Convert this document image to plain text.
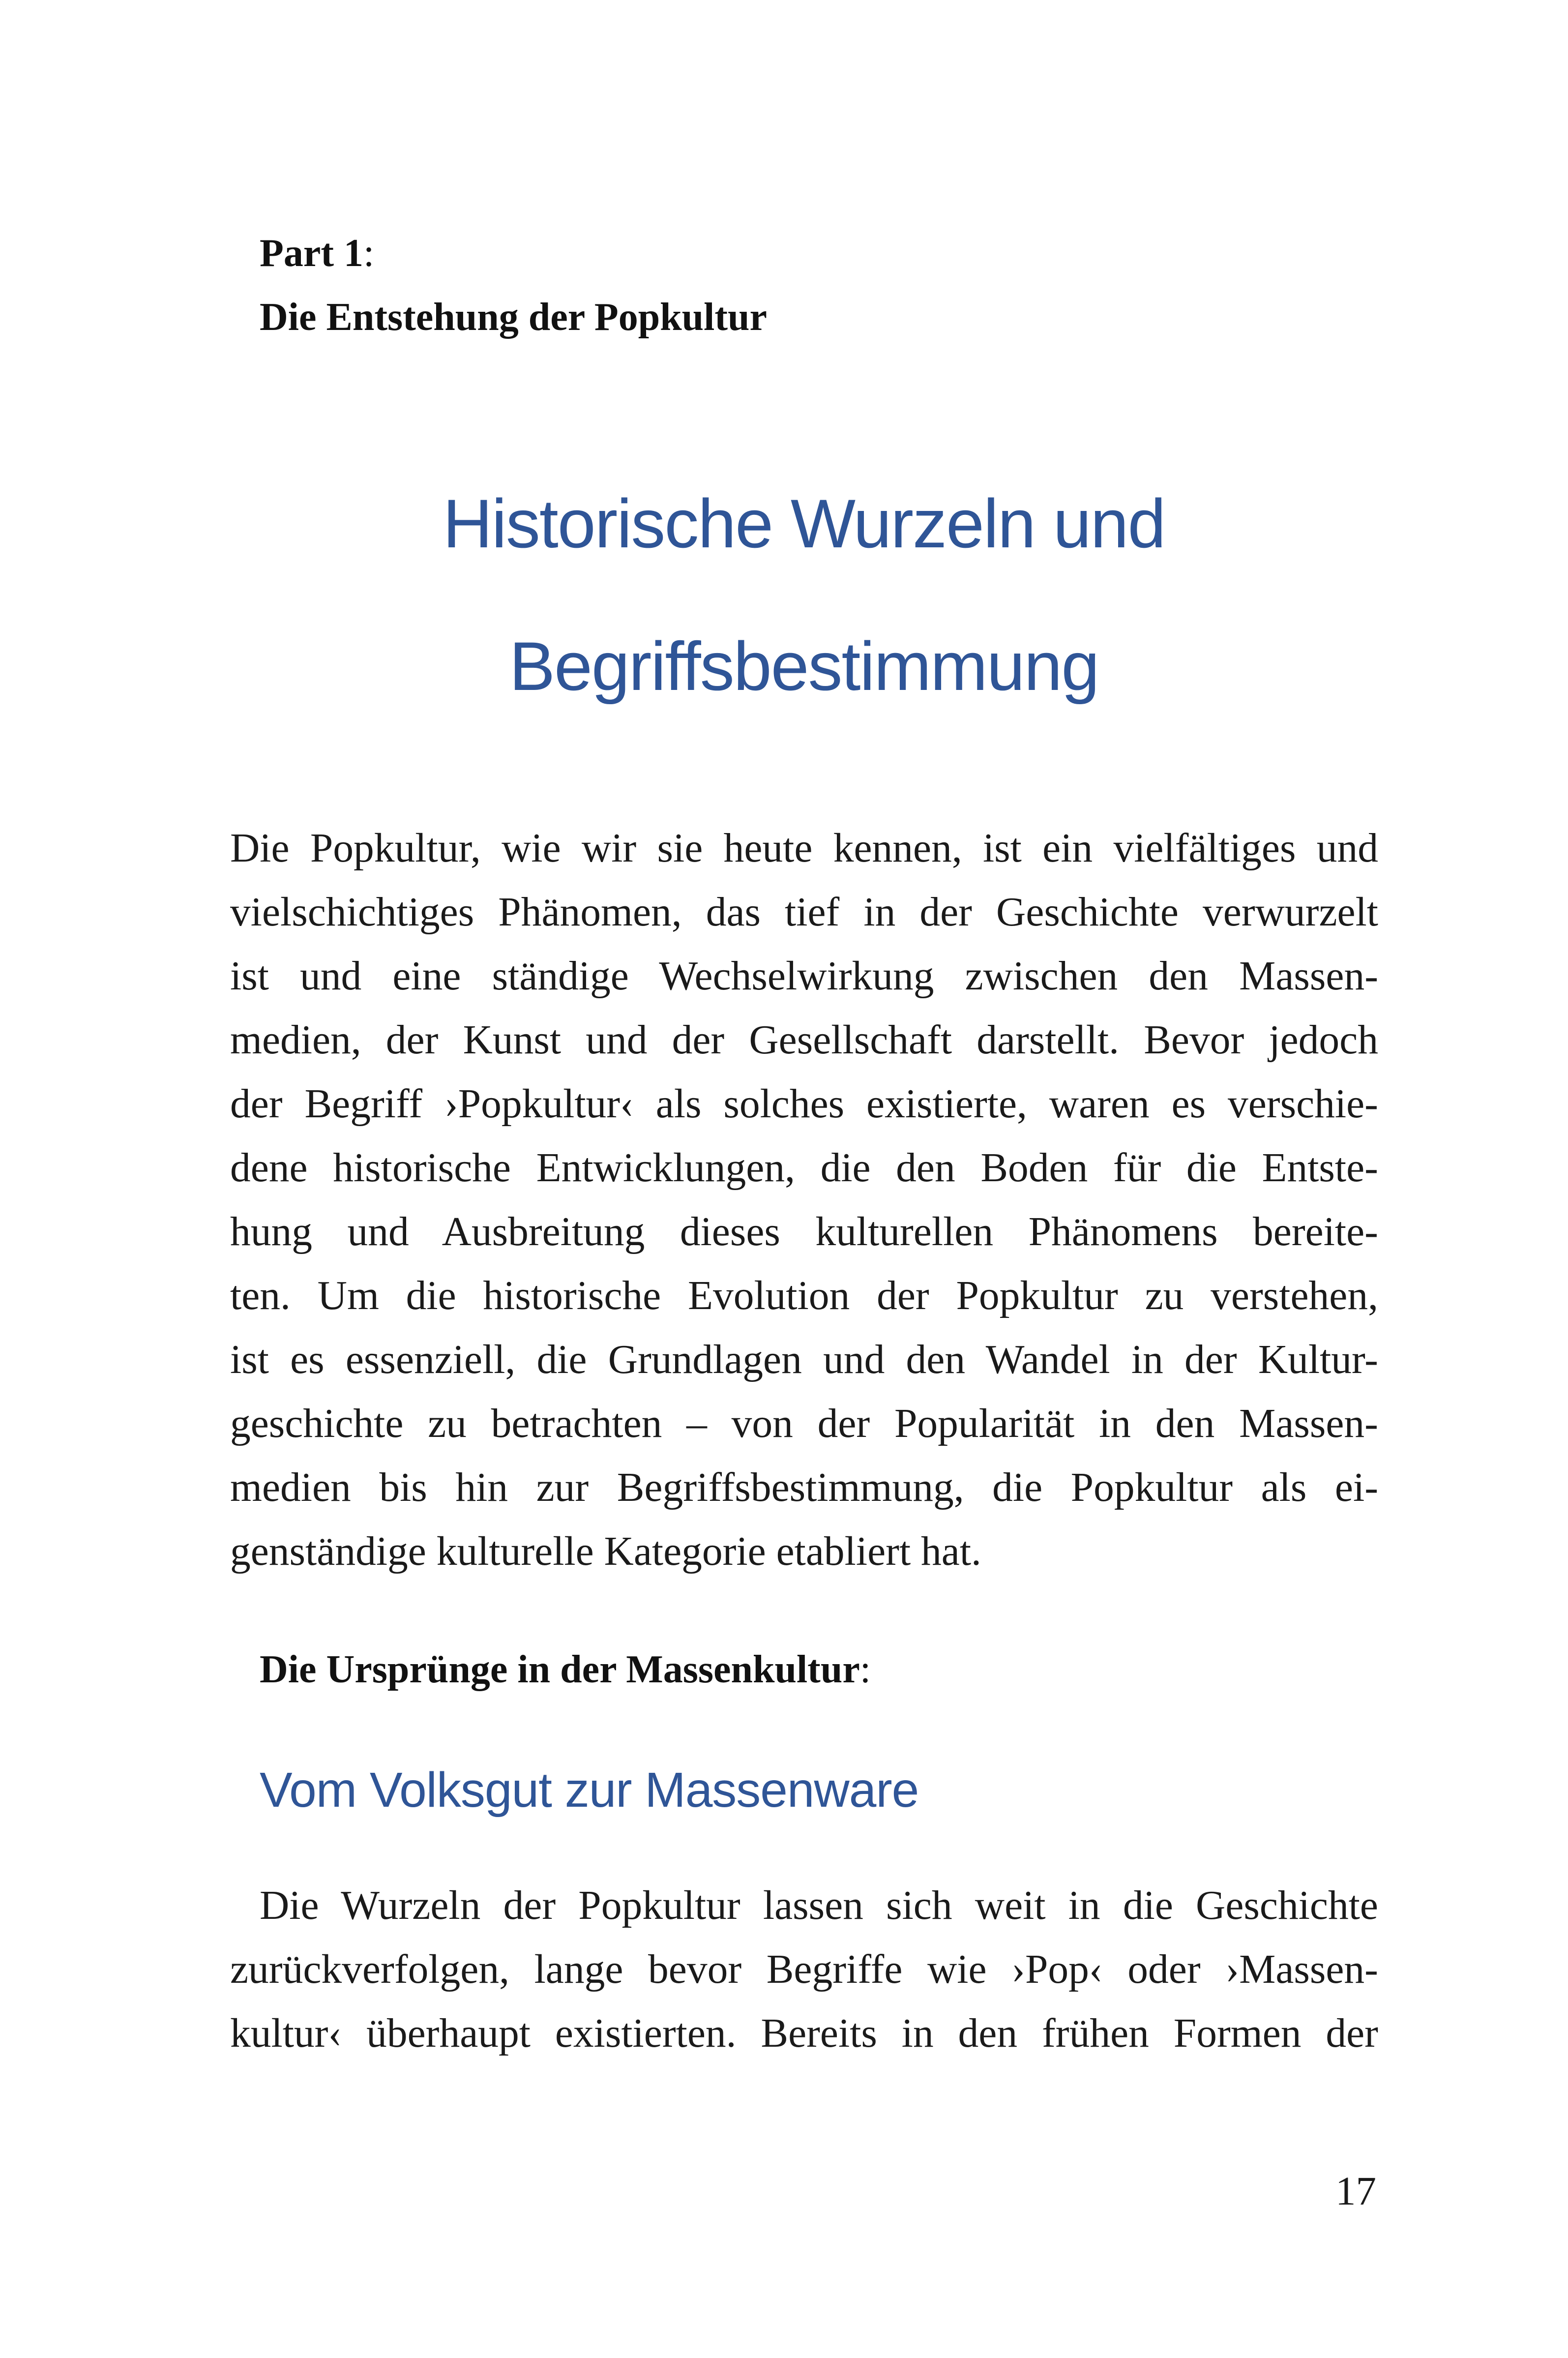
Part 1:
Die Entstehung der Popkultur
Historische Wurzeln und
Begriffsbestimmung
Die Popkultur, wie wir sie heute kennen, ist ein vielfältiges und
vielschichtiges Phänomen, das tief in der Geschichte verwurzelt
ist und eine ständige Wechselwirkung zwischen den Massen-
medien, der Kunst und der Gesellschaft darstellt. Bevor jedoch
der Begriff ›Popkultur‹ als solches existierte, waren es verschie-
dene historische Entwicklungen, die den Boden für die Entste-
hung und Ausbreitung dieses kulturellen Phänomens bereite-
ten. Um die historische Evolution der Popkultur zu verstehen,
ist es essenziell, die Grundlagen und den Wandel in der Kultur-
geschichte zu betrachten – von der Popularität in den Massen-
medien bis hin zur Begriffsbestimmung, die Popkultur als ei-
genständige kulturelle Kategorie etabliert hat.
Die Ursprünge in der Massenkultur:
Vom Volksgut zur Massenware
Die Wurzeln der Popkultur lassen sich weit in die Geschichte
zurückverfolgen, lange bevor Begriffe wie ›Pop‹ oder ›Massen-
kultur‹ überhaupt existierten. Bereits in den frühen Formen der
17
